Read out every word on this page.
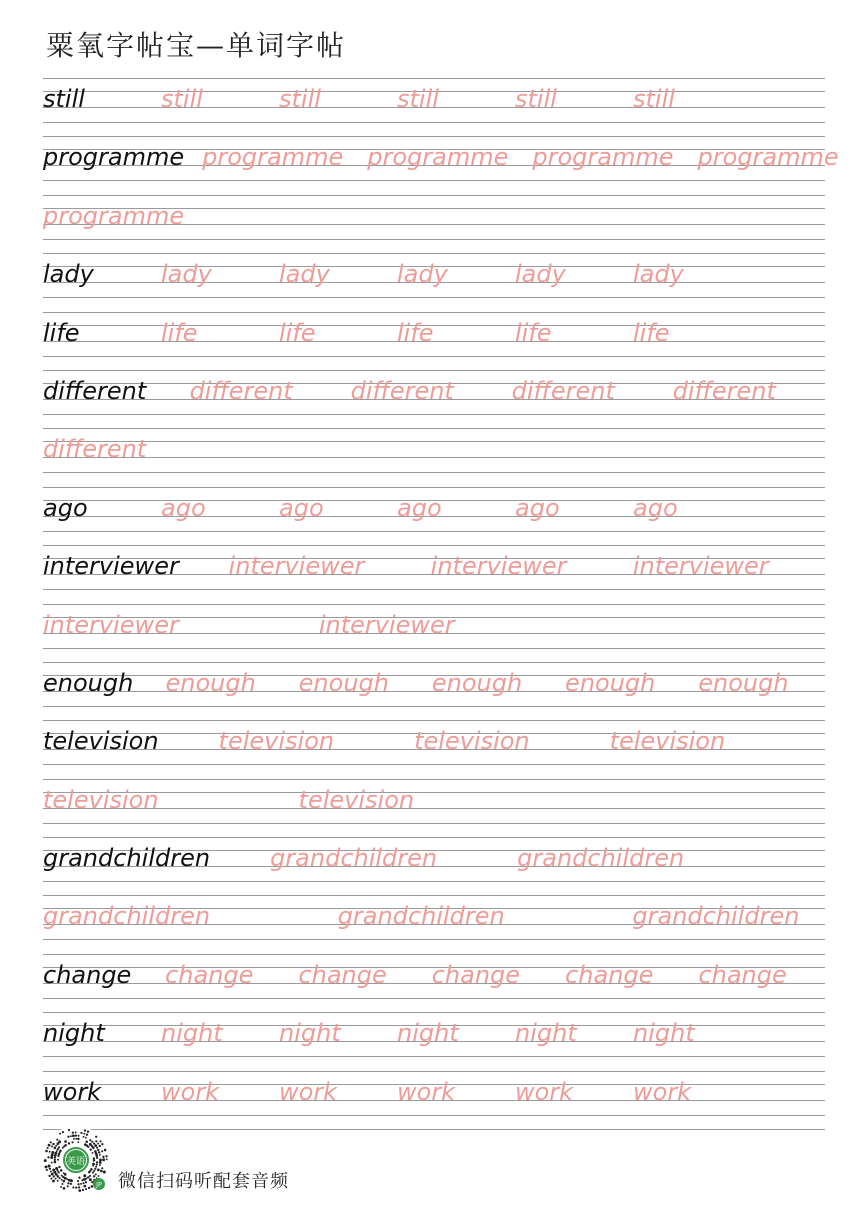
粟氧字帖宝—单词字帖
still	still	still	still	still	still
programme programme programme programme programme
programme
lady	lady	lady	lady	lady	lady
life	life	life	life	life	life
different different different different different
different
ago	ago	ago	ago	ago	ago
interviewer interviewer	interviewer	interviewer
interviewer	interviewer
enough enough enough enough enough enough
television	television	television	television
television	television
grandchildren grandchildren	grandchildren
grandchildren	grandchildren	grandchildren
change change change change change change
night night night night night night
work work work work work work
英语
JP 微信扫码听配套音频
